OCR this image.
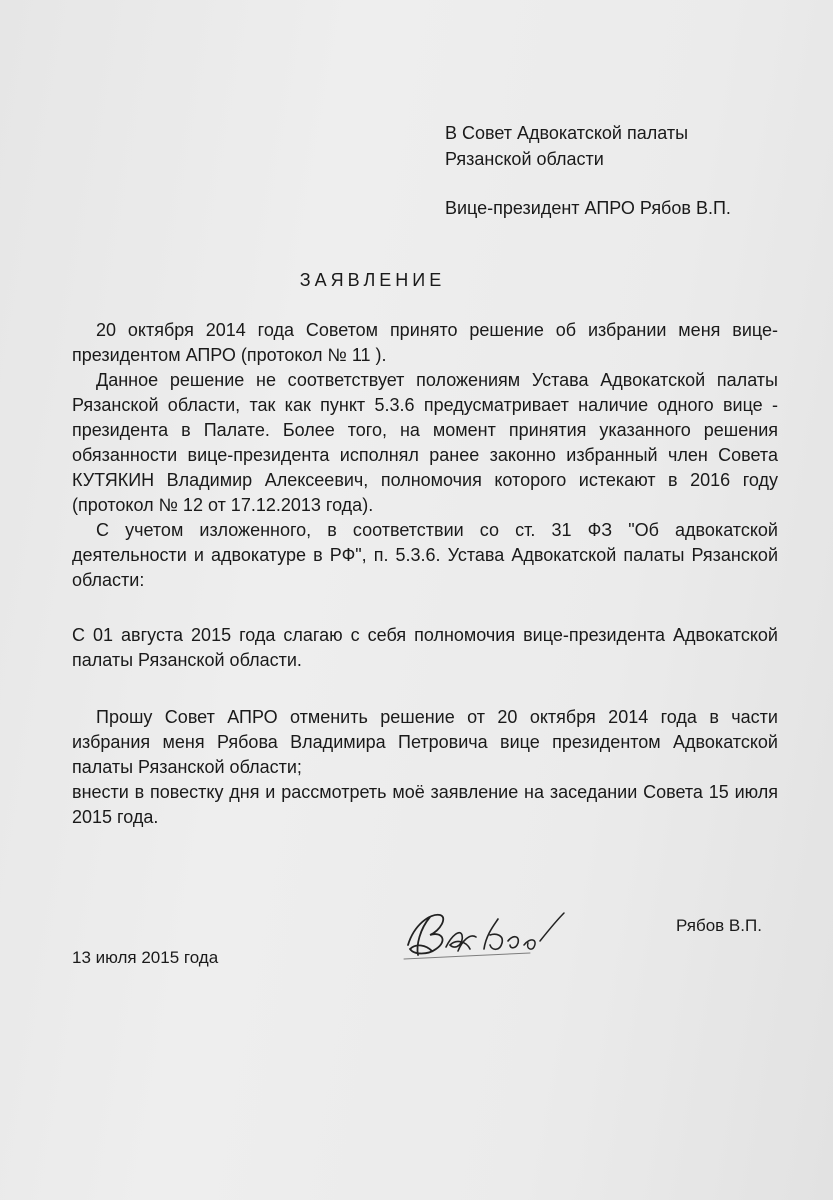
В Совет Адвокатской палаты
Рязанской области
Вице-президент АПРО Рябов В.П.
ЗАЯВЛЕНИЕ

20 октября 2014 года Советом принято решение об избрании меня вице-президентом АПРО (протокол № 11 ).

Данное решение не соответствует положениям Устава Адвокатской палаты Рязанской области, так как пункт 5.3.6 предусматривает наличие одного вице - президента в Палате. Более того, на момент принятия указанного решения обязанности вице-президента исполнял ранее законно избранный член Совета КУТЯКИН Владимир Алексеевич, полномочия которого истекают в 2016 году (протокол № 12 от 17.12.2013 года).

С учетом изложенного, в соответствии со ст. 31 ФЗ "Об адвокатской деятельности и адвокатуре в РФ", п. 5.3.6. Устава Адвокатской палаты Рязанской области:

С 01 августа 2015 года слагаю с себя полномочия вице-президента Адвокатской палаты Рязанской области.

Прошу Совет АПРО отменить решение от 20 октября 2014 года в части избрания меня Рябова Владимира Петровича вице президентом Адвокатской палаты Рязанской области;

внести в повестку дня и рассмотреть моё заявление на заседании Совета 15 июля 2015 года.

Рябов В.П.
13 июля 2015 года
